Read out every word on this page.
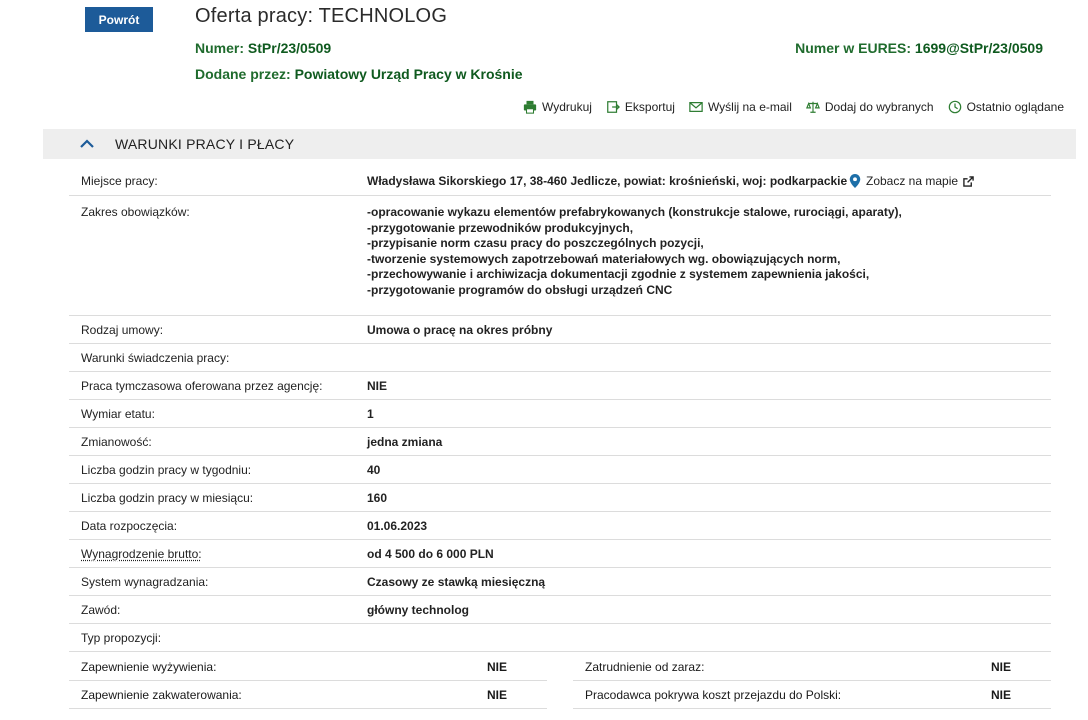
Powrót	Oferta pracy: TECHNOLOG
Numer: StPr/23/0509	Numer w EURES: 1699@StPr/23/0509
Dodane przez: Powiatowy Urząd Pracy w Krośnie
Wydrukuj	Eksportuj	Wyślij na e-mail	Dodaj do wybranych	Ostatnio oglądane
WARUNKI PRACY I PŁACY
Miejsce pracy:	Władysława Sikorskiego 17, 38-460 Jedlicze, powiat: krośnieński, woj: podkarpackie	Zobacz na mapie
Zakres obowiązków:	-opracowanie wykazu elementów prefabrykowanych (konstrukcje stalowe, rurociągi, aparaty),
-przygotowanie przewodników produkcyjnych,
-przypisanie norm czasu pracy do poszczególnych pozycji,
-tworzenie systemowych zapotrzebowań materiałowych wg. obowiązujących norm,
-przechowywanie i archiwizacja dokumentacji zgodnie z systemem zapewnienia jakości,
-przygotowanie programów do obsługi urządzeń CNC
Rodzaj umowy:	Umowa o pracę na okres próbny
Warunki świadczenia pracy:
Praca tymczasowa oferowana przez agencję:	NIE
Wymiar etatu:	1
Zmianowość:	jedna zmiana
Liczba godzin pracy w tygodniu:	40
Liczba godzin pracy w miesiącu:	160
Data rozpoczęcia:	01.06.2023
Wynagrodzenie brutto:	od 4 500 do 6 000 PLN
System wynagradzania:	Czasowy ze stawką miesięczną
Zawód:	główny technolog
Typ propozycji:
Zapewnienie wyżywienia:	NIE	Zatrudnienie od zaraz:	NIE
Zapewnienie zakwaterowania:	NIE	Pracodawca pokrywa koszt przejazdu do Polski:	NIE
